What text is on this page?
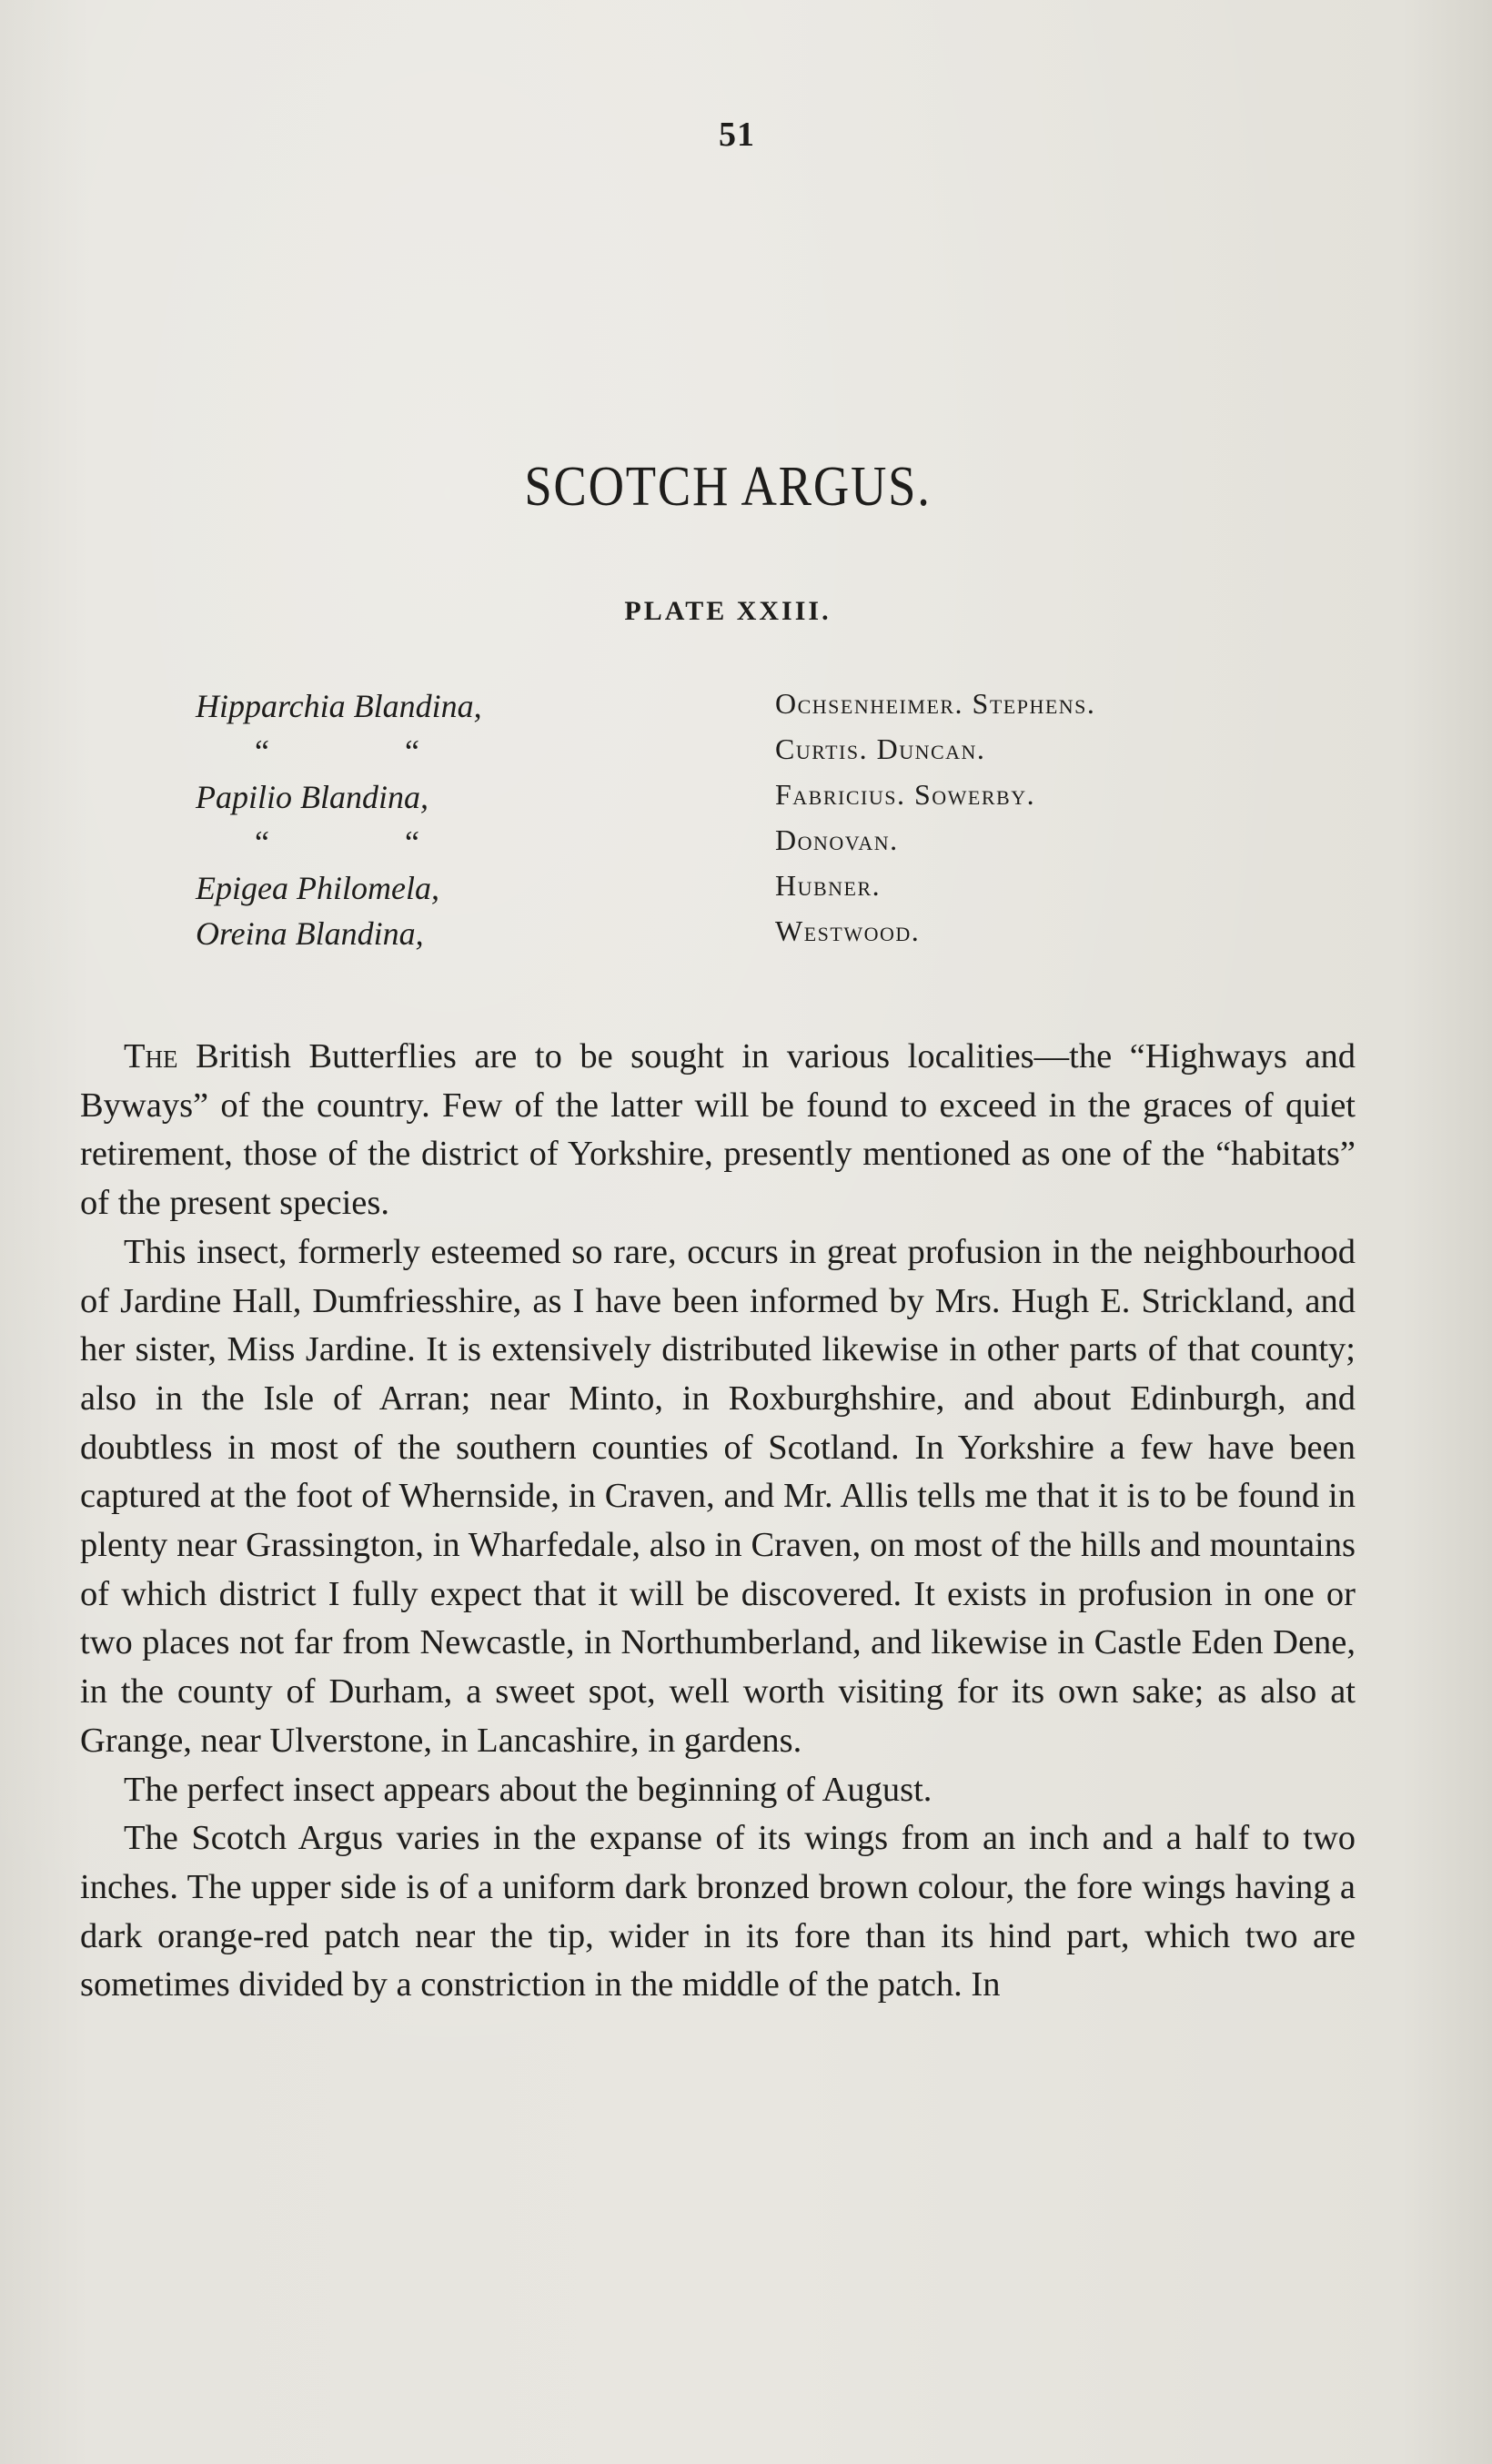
51
SCOTCH ARGUS.
PLATE XXIII.
Hipparchia Blandina,	Ochsenheimer. Stephens.
“ “	Curtis. Duncan.
Papilio Blandina,	Fabricius. Sowerby.
“ “	Donovan.
Epigea Philomela,	Hubner.
Oreina Blandina,	Westwood.

The British Butterflies are to be sought in various localities—the “Highways and Byways” of the country. Few of the latter will be found to exceed in the graces of quiet retirement, those of the district of Yorkshire, presently mentioned as one of the “habitats” of the present species.

This insect, formerly esteemed so rare, occurs in great profusion in the neighbourhood of Jardine Hall, Dumfriesshire, as I have been informed by Mrs. Hugh E. Strickland, and her sister, Miss Jardine. It is extensively distributed likewise in other parts of that county; also in the Isle of Arran; near Minto, in Roxburghshire, and about Edinburgh, and doubtless in most of the southern counties of Scotland. In Yorkshire a few have been captured at the foot of Whernside, in Craven, and Mr. Allis tells me that it is to be found in plenty near Grassington, in Wharfedale, also in Craven, on most of the hills and mountains of which district I fully expect that it will be discovered. It exists in profusion in one or two places not far from Newcastle, in Northumberland, and likewise in Castle Eden Dene, in the county of Durham, a sweet spot, well worth visiting for its own sake; as also at Grange, near Ulverstone, in Lancashire, in gardens.

The perfect insect appears about the beginning of August.

The Scotch Argus varies in the expanse of its wings from an inch and a half to two inches. The upper side is of a uniform dark bronzed brown colour, the fore wings having a dark orange-red patch near the tip, wider in its fore than its hind part, which two are sometimes divided by a constriction in the middle of the patch. In
